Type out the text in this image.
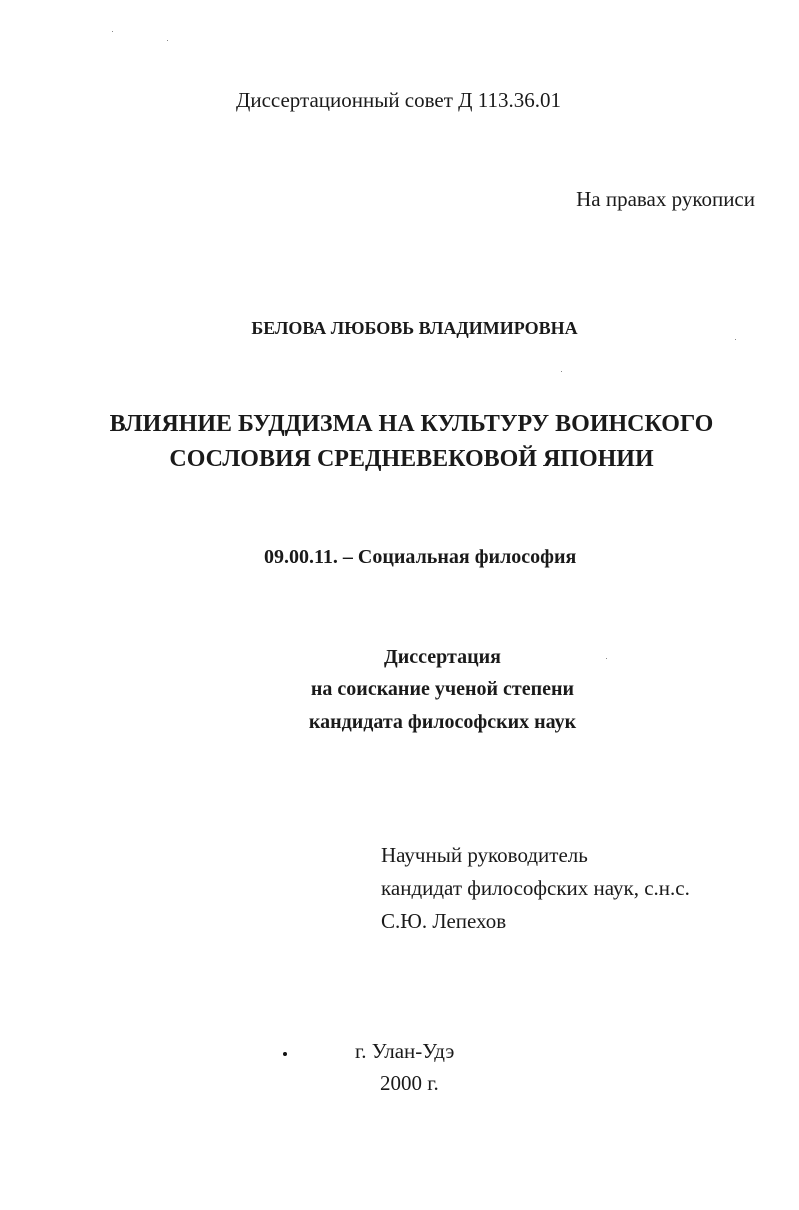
Диссертационный совет Д 113.36.01

На правах рукописи

БЕЛОВА ЛЮБОВЬ ВЛАДИМИРОВНА

ВЛИЯНИЕ БУДДИЗМА НА КУЛЬТУРУ ВОИНСКОГО

СОСЛОВИЯ СРЕДНЕВЕКОВОЙ ЯПОНИИ

09.00.11. – Социальная философия

Диссертация

на соискание ученой степени

кандидата философских наук

Научный руководитель

кандидат философских наук, с.н.с.

С.Ю. Лепехов

г. Улан-Удэ

2000 г.
